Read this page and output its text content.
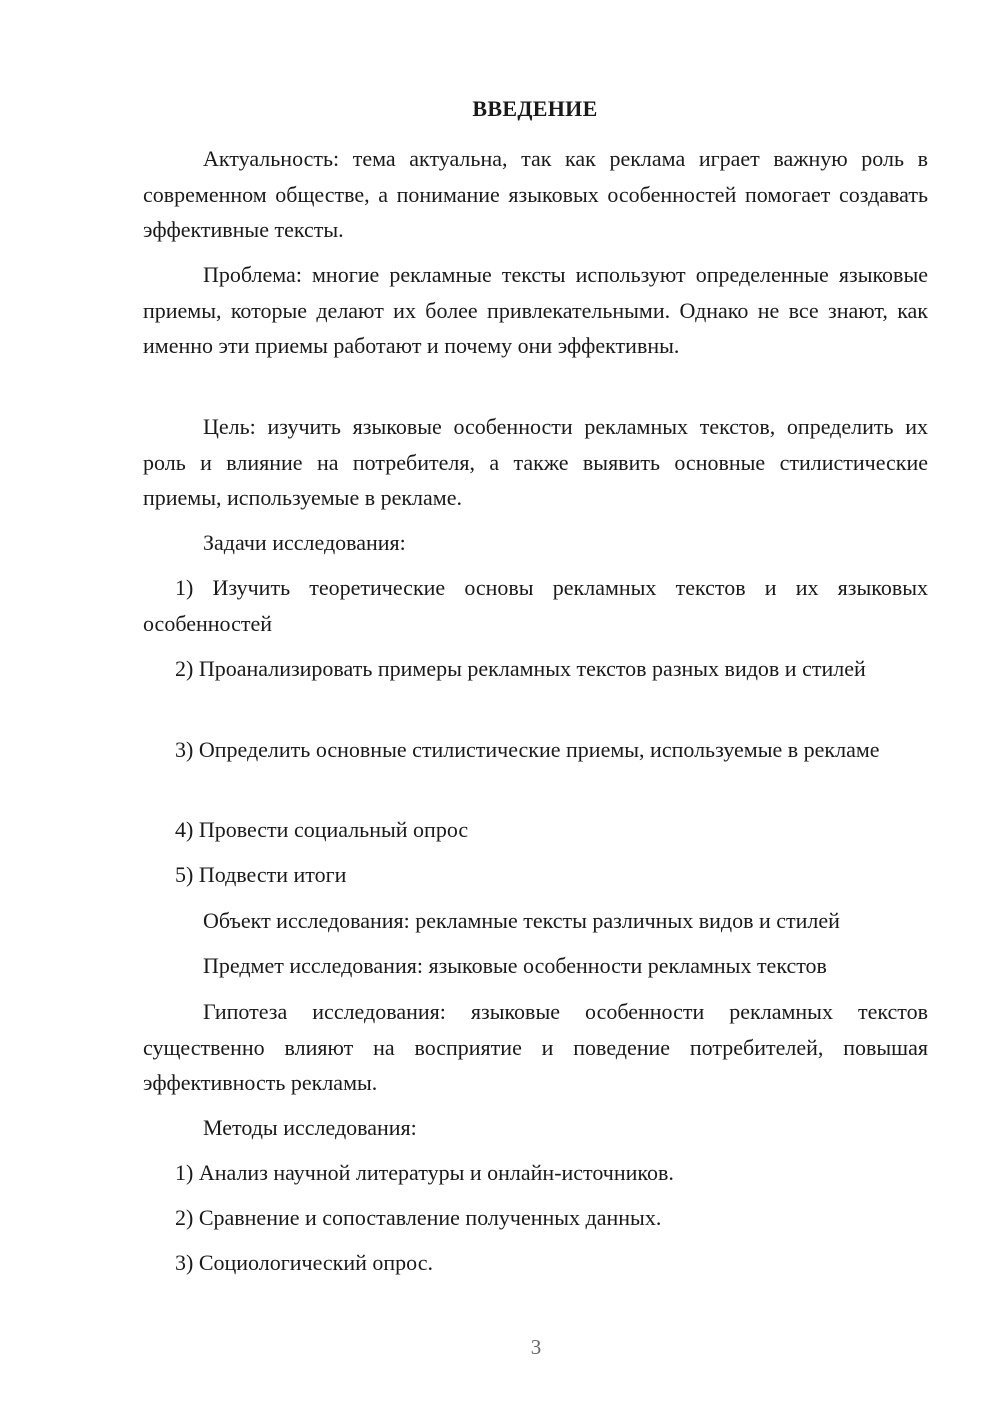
ВВЕДЕНИЕ

Актуальность: тема актуальна, так как реклама играет важную роль в современном обществе, а понимание языковых особенностей помогает создавать эффективные тексты.

Проблема: многие рекламные тексты используют определенные языковые приемы, которые делают их более привлекательными. Однако не все знают, как именно эти приемы работают и почему они эффективны.

Цель: изучить языковые особенности рекламных текстов, определить их роль и влияние на потребителя, а также выявить основные стилистические приемы, используемые в рекламе.

Задачи исследования:

1) Изучить теоретические основы рекламных текстов и их языковых особенностей

2) Проанализировать примеры рекламных текстов разных видов и стилей

3) Определить основные стилистические приемы, используемые в рекламе

4) Провести социальный опрос

5) Подвести итоги

Объект исследования: рекламные тексты различных видов и стилей

Предмет исследования: языковые особенности рекламных текстов

Гипотеза исследования: языковые особенности рекламных текстов существенно влияют на восприятие и поведение потребителей, повышая эффективность рекламы.

Методы исследования:

1) Анализ научной литературы и онлайн-источников.

2) Сравнение и сопоставление полученных данных.

3) Социологический опрос.

3
